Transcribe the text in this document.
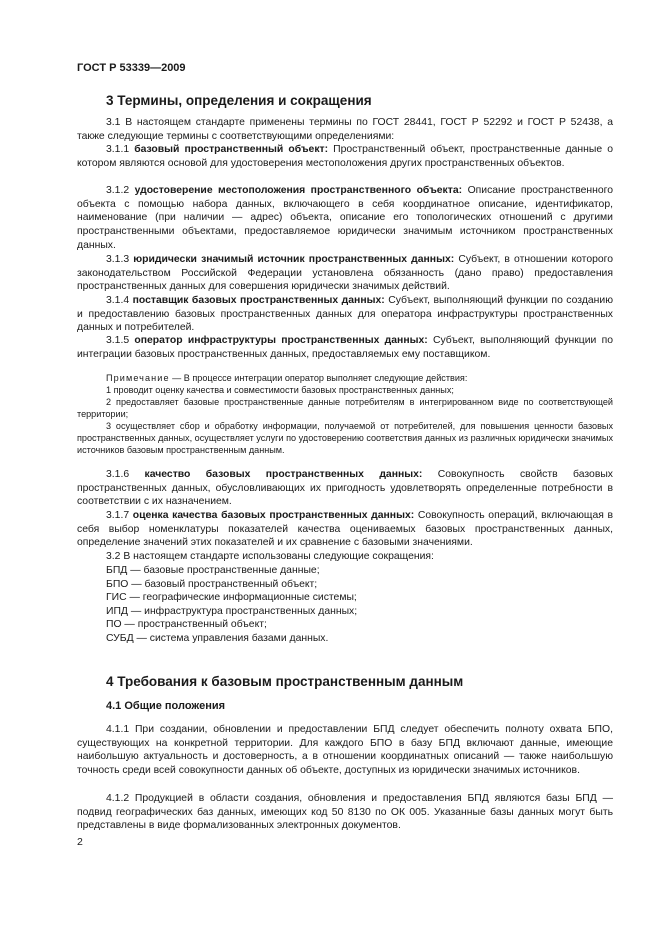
ГОСТ Р 53339—2009
3 Термины, определения и сокращения

3.1 В настоящем стандарте применены термины по ГОСТ 28441, ГОСТ Р 52292 и ГОСТ Р 52438, а также следующие термины с соответствующими определениями:

3.1.1 базовый пространственный объект: Пространственный объект, пространственные данные о котором являются основой для удостоверения местоположения других пространственных объектов.

3.1.2 удостоверение местоположения пространственного объекта: Описание пространственного объекта с помощью набора данных, включающего в себя координатное описание, идентификатор, наименование (при наличии — адрес) объекта, описание его топологических отношений с другими пространственными объектами, предоставляемое юридически значимым источником пространственных данных.

3.1.3 юридически значимый источник пространственных данных: Субъект, в отношении которого законодательством Российской Федерации установлена обязанность (дано право) предоставления пространственных данных для совершения юридически значимых действий.

3.1.4 поставщик базовых пространственных данных: Субъект, выполняющий функции по созданию и предоставлению базовых пространственных данных для оператора инфраструктуры пространственных данных и потребителей.

3.1.5 оператор инфраструктуры пространственных данных: Субъект, выполняющий функции по интеграции базовых пространственных данных, предоставляемых ему поставщиком.

Примечание — В процессе интеграции оператор выполняет следующие действия:

1 проводит оценку качества и совместимости базовых пространственных данных;

2 предоставляет базовые пространственные данные потребителям в интегрированном виде по соответствующей территории;

3 осуществляет сбор и обработку информации, получаемой от потребителей, для повышения ценности базовых пространственных данных, осуществляет услуги по удостоверению соответствия данных из различных юридически значимых источников базовым пространственным данным.

3.1.6 качество базовых пространственных данных: Совокупность свойств базовых пространственных данных, обусловливающих их пригодность удовлетворять определенные потребности в соответствии с их назначением.

3.1.7 оценка качества базовых пространственных данных: Совокупность операций, включающая в себя выбор номенклатуры показателей качества оцениваемых базовых пространственных данных, определение значений этих показателей и их сравнение с базовыми значениями.

3.2 В настоящем стандарте использованы следующие сокращения:

БПД — базовые пространственные данные;

БПО — базовый пространственный объект;

ГИС — географические информационные системы;

ИПД — инфраструктура пространственных данных;

ПО — пространственный объект;

СУБД — система управления базами данных.

4 Требования к базовым пространственным данным
4.1 Общие положения

4.1.1 При создании, обновлении и предоставлении БПД следует обеспечить полноту охвата БПО, существующих на конкретной территории. Для каждого БПО в базу БПД включают данные, имеющие наибольшую актуальность и достоверность, а в отношении координатных описаний — также наибольшую точность среди всей совокупности данных об объекте, доступных из юридически значимых источников.

4.1.2 Продукцией в области создания, обновления и предоставления БПД являются базы БПД — подвид географических баз данных, имеющих код 50 8130 по ОК 005. Указанные базы данных могут быть представлены в виде формализованных электронных документов.

2
